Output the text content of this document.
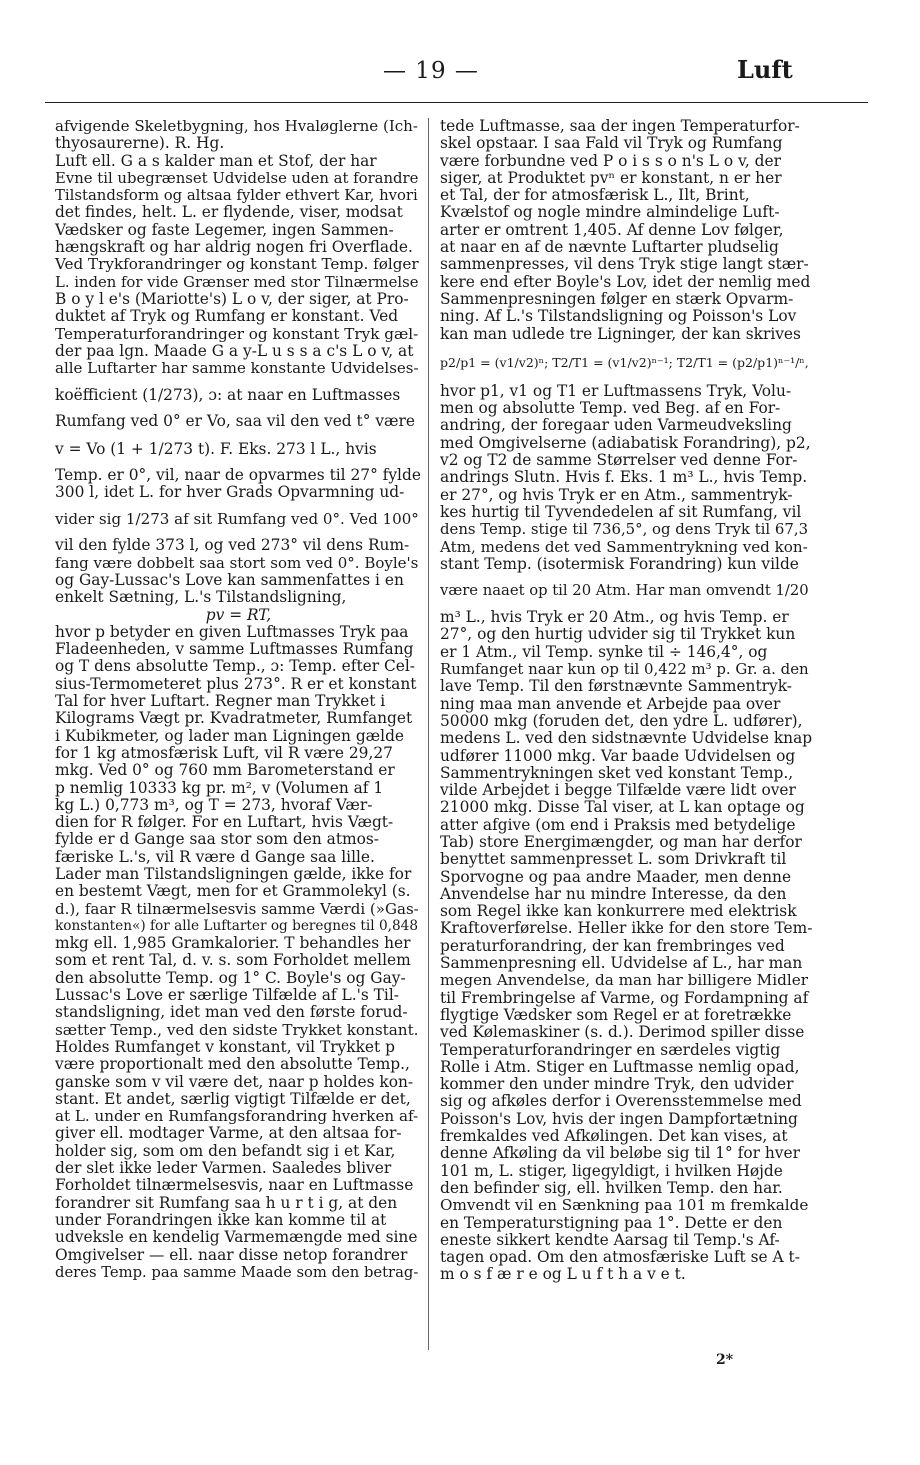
— 19 —	Luft
afvigende Skeletbygning, hos Hvaløglerne (Ich-
thyosaurerne). R. Hg.
Luft ell. G a s kalder man et Stof, der har
Evne til ubegrænset Udvidelse uden at forandre
Tilstandsform og altsaa fylder ethvert Kar, hvori
det findes, helt. L. er flydende, viser, modsat
Vædsker og faste Legemer, ingen Sammen-
hængskraft og har aldrig nogen fri Overflade.
Ved Trykforandringer og konstant Temp. følger
L. inden for vide Grænser med stor Tilnærmelse
B o y l e's (Mariotte's) L o v, der siger, at Pro-
duktet af Tryk og Rumfang er konstant. Ved
Temperaturforandringer og konstant Tryk gæl-
der paa lgn. Maade G a y-L u s s a c's L o v, at
alle Luftarter har samme konstante Udvidelses-
koëfficient (1/273), ɔ: at naar en Luftmasses
Rumfang ved 0° er Vo, saa vil den ved t° være
v = Vo (1 + 1/273 t). F. Eks. 273 l L., hvis
Temp. er 0°, vil, naar de opvarmes til 27° fylde
300 l, idet L. for hver Grads Opvarmning ud-
vider sig 1/273 af sit Rumfang ved 0°. Ved 100°
vil den fylde 373 l, og ved 273° vil dens Rum-
fang være dobbelt saa stort som ved 0°. Boyle's
og Gay-Lussac's Love kan sammenfattes i en
enkelt Sætning, L.'s Tilstandsligning,
pv = RT,
hvor p betyder en given Luftmasses Tryk paa
Fladeenheden, v samme Luftmasses Rumfang
og T dens absolutte Temp., ɔ: Temp. efter Cel-
sius-Termometeret plus 273°. R er et konstant
Tal for hver Luftart. Regner man Trykket i
Kilograms Vægt pr. Kvadratmeter, Rumfanget
i Kubikmeter, og lader man Ligningen gælde
for 1 kg atmosfærisk Luft, vil R være 29,27
mkg. Ved 0° og 760 mm Barometerstand er
p nemlig 10333 kg pr. m², v (Volumen af 1
kg L.) 0,773 m³, og T = 273, hvoraf Vær-
dien for R følger. For en Luftart, hvis Vægt-
fylde er d Gange saa stor som den atmos-
færiske L.'s, vil R være d Gange saa lille.
Lader man Tilstandsligningen gælde, ikke for
en bestemt Vægt, men for et Grammolekyl (s.
d.), faar R tilnærmelsesvis samme Værdi (»Gas-
konstanten«) for alle Luftarter og beregnes til 0,848
mkg ell. 1,985 Gramkalorier. T behandles her
som et rent Tal, d. v. s. som Forholdet mellem
den absolutte Temp. og 1° C. Boyle's og Gay-
Lussac's Love er særlige Tilfælde af L.'s Til-
standsligning, idet man ved den første forud-
sætter Temp., ved den sidste Trykket konstant.
Holdes Rumfanget v konstant, vil Trykket p
være proportionalt med den absolutte Temp.,
ganske som v vil være det, naar p holdes kon-
stant. Et andet, særlig vigtigt Tilfælde er det,
at L. under en Rumfangsforandring hverken af-
giver ell. modtager Varme, at den altsaa for-
holder sig, som om den befandt sig i et Kar,
der slet ikke leder Varmen. Saaledes bliver
Forholdet tilnærmelsesvis, naar en Luftmasse
forandrer sit Rumfang saa h u r t i g, at den
under Forandringen ikke kan komme til at
udveksle en kendelig Varmemængde med sine
Omgivelser — ell. naar disse netop forandrer
deres Temp. paa samme Maade som den betrag-
tede Luftmasse, saa der ingen Temperaturfor-
skel opstaar. I saa Fald vil Tryk og Rumfang
være forbundne ved P o i s s o n's L o v, der
siger, at Produktet pvⁿ er konstant, n er her
et Tal, der for atmosfærisk L., Ilt, Brint,
Kvælstof og nogle mindre almindelige Luft-
arter er omtrent 1,405. Af denne Lov følger,
at naar en af de nævnte Luftarter pludselig
sammenpresses, vil dens Tryk stige langt stær-
kere end efter Boyle's Lov, idet der nemlig med
Sammenpresningen følger en stærk Opvarm-
ning. Af L.'s Tilstandsligning og Poisson's Lov
kan man udlede tre Ligninger, der kan skrives
p2/p1 = (v1/v2)ⁿ; T2/T1 = (v1/v2)ⁿ⁻¹; T2/T1 = (p2/p1)ⁿ⁻¹/ⁿ,
hvor p1, v1 og T1 er Luftmassens Tryk, Volu-
men og absolutte Temp. ved Beg. af en For-
andring, der foregaar uden Varmeudveksling
med Omgivelserne (adiabatisk Forandring), p2,
v2 og T2 de samme Størrelser ved denne For-
andrings Slutn. Hvis f. Eks. 1 m³ L., hvis Temp.
er 27°, og hvis Tryk er en Atm., sammentryk-
kes hurtig til Tyvendedelen af sit Rumfang, vil
dens Temp. stige til 736,5°, og dens Tryk til 67,3
Atm, medens det ved Sammentrykning ved kon-
stant Temp. (isotermisk Forandring) kun vilde
være naaet op til 20 Atm. Har man omvendt 1/20
m³ L., hvis Tryk er 20 Atm., og hvis Temp. er
27°, og den hurtig udvider sig til Trykket kun
er 1 Atm., vil Temp. synke til ÷ 146,4°, og
Rumfanget naar kun op til 0,422 m³ p. Gr. a. den
lave Temp. Til den førstnævnte Sammentryk-
ning maa man anvende et Arbejde paa over
50000 mkg (foruden det, den ydre L. udfører),
medens L. ved den sidstnævnte Udvidelse knap
udfører 11000 mkg. Var baade Udvidelsen og
Sammentrykningen sket ved konstant Temp.,
vilde Arbejdet i begge Tilfælde være lidt over
21000 mkg. Disse Tal viser, at L kan optage og
atter afgive (om end i Praksis med betydelige
Tab) store Energimængder, og man har derfor
benyttet sammenpresset L. som Drivkraft til
Sporvogne og paa andre Maader, men denne
Anvendelse har nu mindre Interesse, da den
som Regel ikke kan konkurrere med elektrisk
Kraftoverførelse. Heller ikke for den store Tem-
peraturforandring, der kan frembringes ved
Sammenpresning ell. Udvidelse af L., har man
megen Anvendelse, da man har billigere Midler
til Frembringelse af Varme, og Fordampning af
flygtige Vædsker som Regel er at foretrække
ved Kølemaskiner (s. d.). Derimod spiller disse
Temperaturforandringer en særdeles vigtig
Rolle i Atm. Stiger en Luftmasse nemlig opad,
kommer den under mindre Tryk, den udvider
sig og afkøles derfor i Overensstemmelse med
Poisson's Lov, hvis der ingen Dampfortætning
fremkaldes ved Afkølingen. Det kan vises, at
denne Afkøling da vil beløbe sig til 1° for hver
101 m, L. stiger, ligegyldigt, i hvilken Højde
den befinder sig, ell. hvilken Temp. den har.
Omvendt vil en Sænkning paa 101 m fremkalde
en Temperaturstigning paa 1°. Dette er den
eneste sikkert kendte Aarsag til Temp.'s Af-
tagen opad. Om den atmosfæriske Luft se A t-
m o s f æ r e og L u f t h a v e t.
2*
